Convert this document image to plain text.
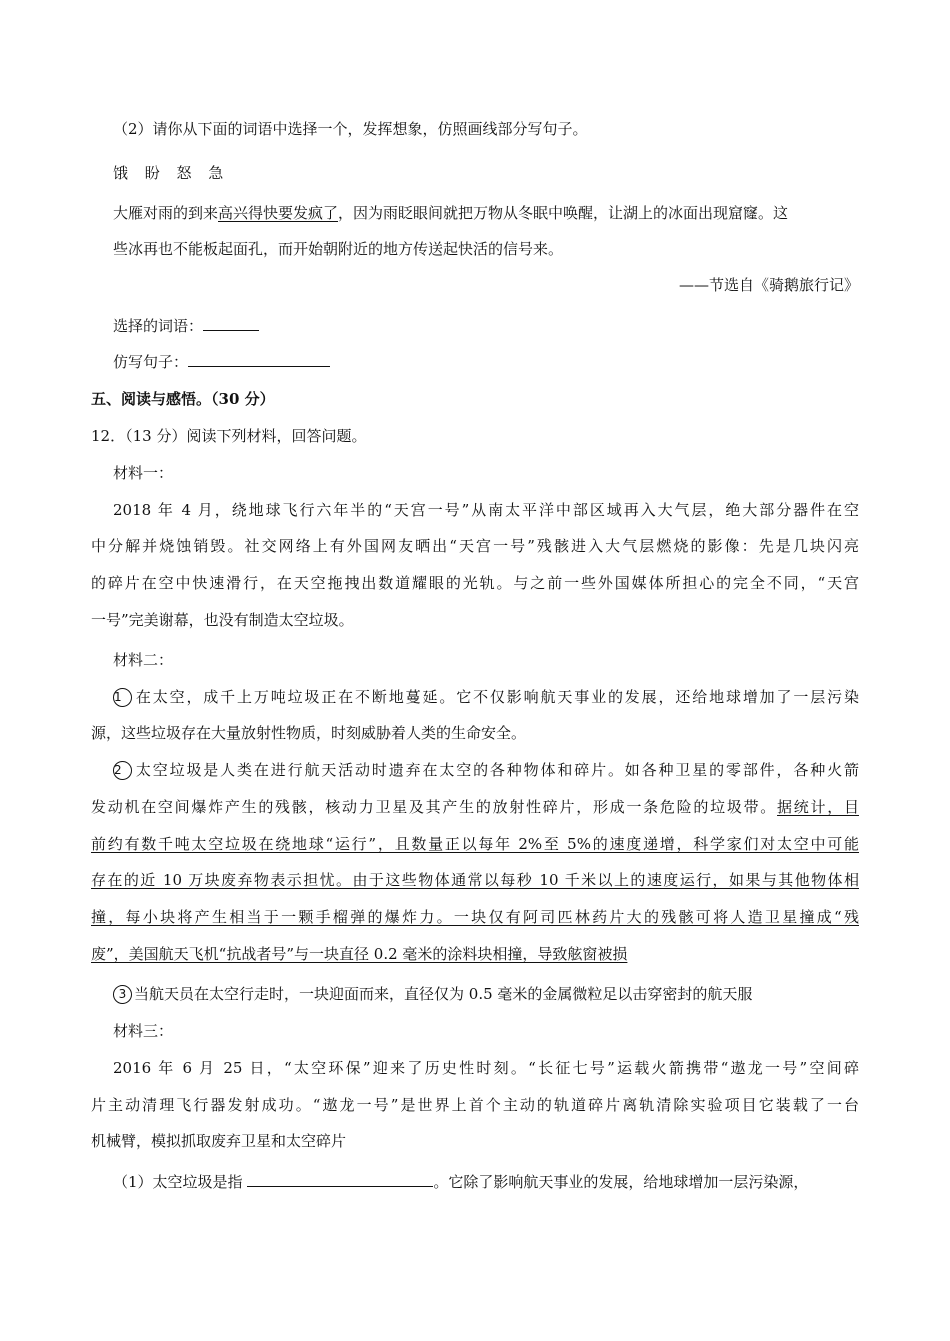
（2）请你从下面的词语中选择一个，发挥想象，仿照画线部分写句子。
饿 盼 怒 急
大雁对雨的到来高兴得快要发疯了，因为雨眨眼间就把万物从冬眠中唤醒，让湖上的冰面出现窟窿。这
些冰再也不能板起面孔，而开始朝附近的地方传送起快活的信号来。
——节选自《骑鹅旅行记》
选择的词语：
仿写句子：
五、阅读与感悟。（30 分）
12．（13 分）阅读下列材料，回答问题。
材料一：
2018 年 4 月，绕地球飞行六年半的“天宫一号”从南太平洋中部区域再入大气层，绝大部分器件在空
中分解并烧蚀销毁。社交网络上有外国网友晒出“天宫一号”残骸进入大气层燃烧的影像：先是几块闪亮
的碎片在空中快速滑行，在天空拖拽出数道耀眼的光轨。与之前一些外国媒体所担心的完全不同，“天宫
一号”完美谢幕，也没有制造太空垃圾。
材料二：
1 在太空，成千上万吨垃圾正在不断地蔓延。它不仅影响航天事业的发展，还给地球增加了一层污染
源，这些垃圾存在大量放射性物质，时刻威胁着人类的生命安全。
2 太空垃圾是人类在进行航天活动时遗弃在太空的各种物体和碎片。如各种卫星的零部件，各种火箭
发动机在空间爆炸产生的残骸，核动力卫星及其产生的放射性碎片，形成一条危险的垃圾带。据统计，目
前约有数千吨太空垃圾在绕地球“运行”，且数量正以每年 2%至 5%的速度递增，科学家们对太空中可能
存在的近 10 万块废弃物表示担忧。由于这些物体通常以每秒 10 千米以上的速度运行，如果与其他物体相
撞，每小块将产生相当于一颗手榴弹的爆炸力。一块仅有阿司匹林药片大的残骸可将人造卫星撞成“残
废”，美国航天飞机“抗战者号”与一块直径 0.2 毫米的涂料块相撞，导致舷窗被损
3 当航天员在太空行走时，一块迎面而来，直径仅为 0.5 毫米的金属微粒足以击穿密封的航天服
材料三：
2016 年 6 月 25 日，“太空环保”迎来了历史性时刻。“长征七号”运载火箭携带“遨龙一号”空间碎
片主动清理飞行器发射成功。“遨龙一号”是世界上首个主动的轨道碎片离轨清除实验项目它装载了一台
机械臂，模拟抓取废弃卫星和太空碎片
（1）太空垃圾是指	。它除了影响航天事业的发展，给地球增加一层污染源，
